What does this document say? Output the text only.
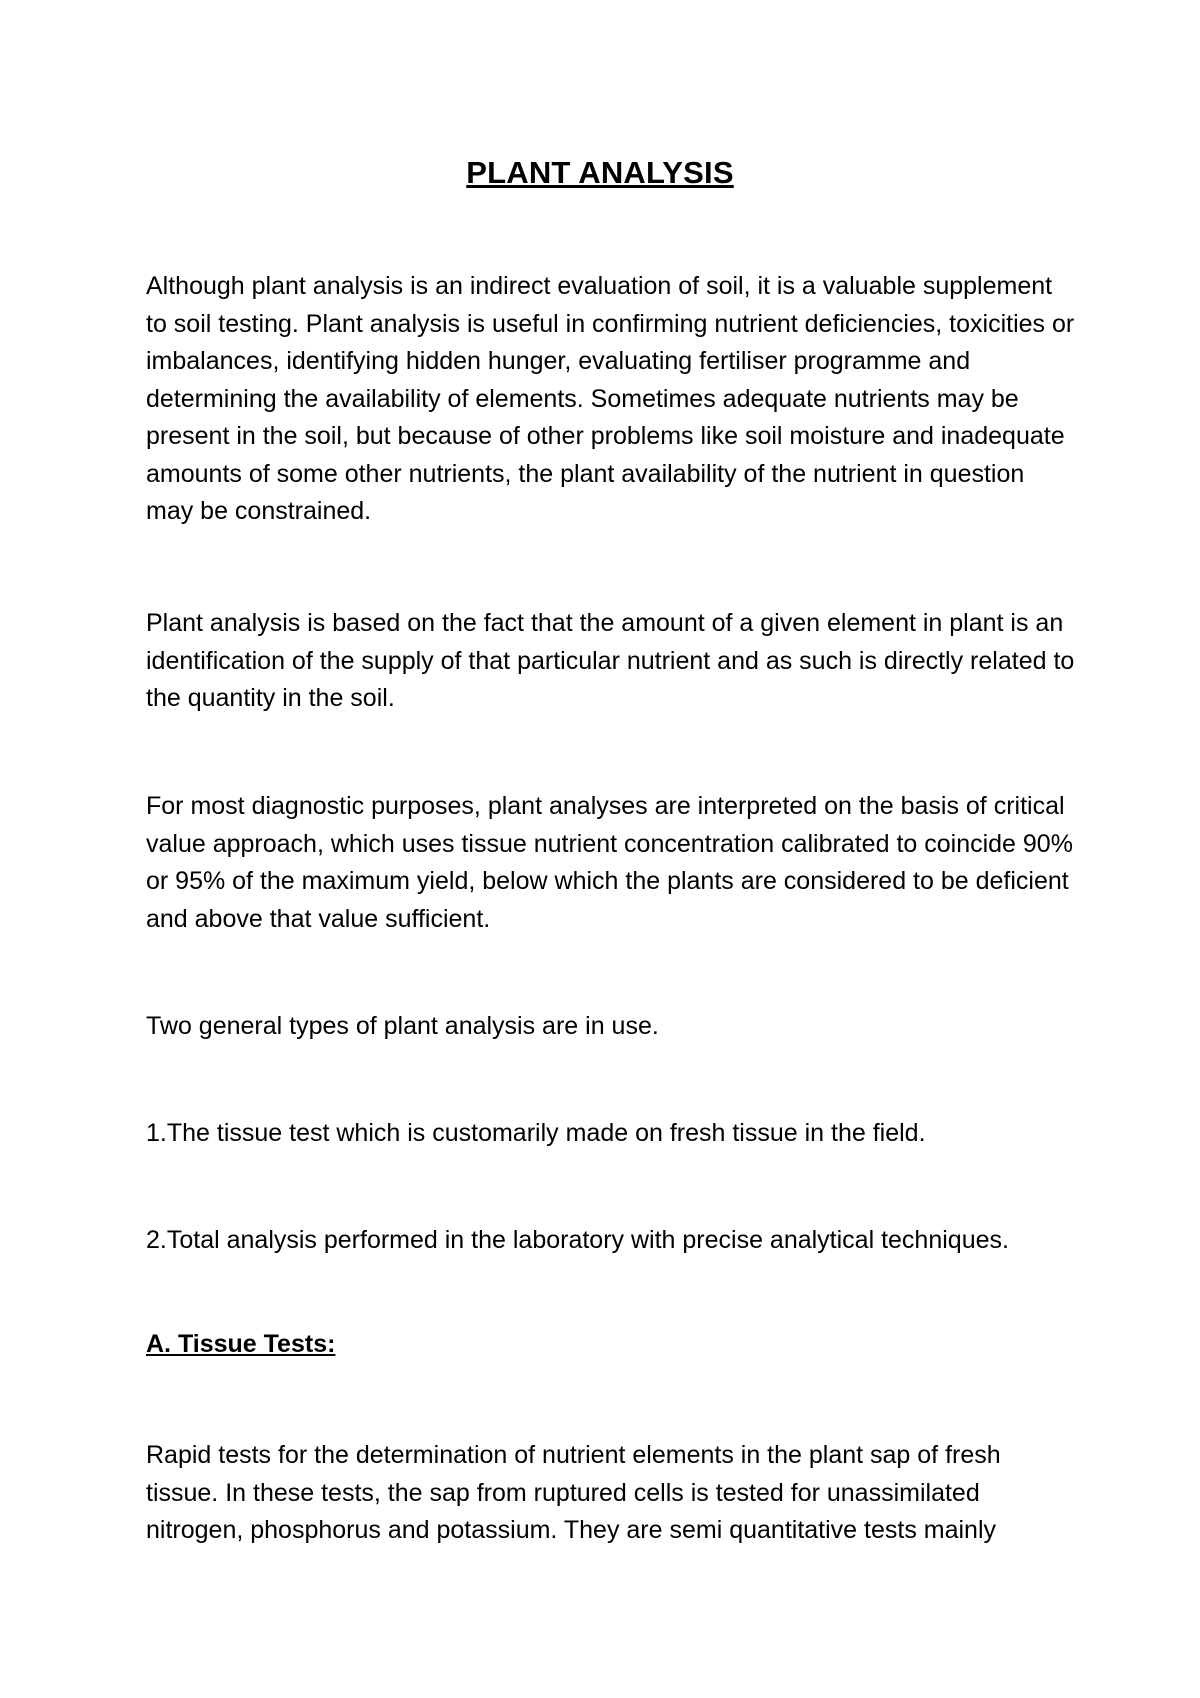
PLANT ANALYSIS

Although plant analysis is an indirect evaluation of soil, it is a valuable supplement to soil testing. Plant analysis is useful in confirming nutrient deficiencies, toxicities or imbalances, identifying hidden hunger, evaluating fertiliser programme and determining the availability of elements. Sometimes adequate nutrients may be present in the soil, but because of other problems like soil moisture and inadequate amounts of some other nutrients, the plant availability of the nutrient in question may be constrained.

Plant analysis is based on the fact that the amount of a given element in plant is an identification of the supply of that particular nutrient and as such is directly related to the quantity in the soil.

For most diagnostic purposes, plant analyses are interpreted on the basis of critical value approach, which uses tissue nutrient concentration calibrated to coincide 90% or 95% of the maximum yield, below which the plants are considered to be deficient and above that value sufficient.

Two general types of plant analysis are in use.

1.The tissue test which is customarily made on fresh tissue in the field.

2.Total analysis performed in the laboratory with precise analytical techniques.

A. Tissue Tests:

Rapid tests for the determination of nutrient elements in the plant sap of fresh tissue. In these tests, the sap from ruptured cells is tested for unassimilated nitrogen, phosphorus and potassium. They are semi quantitative tests mainly
